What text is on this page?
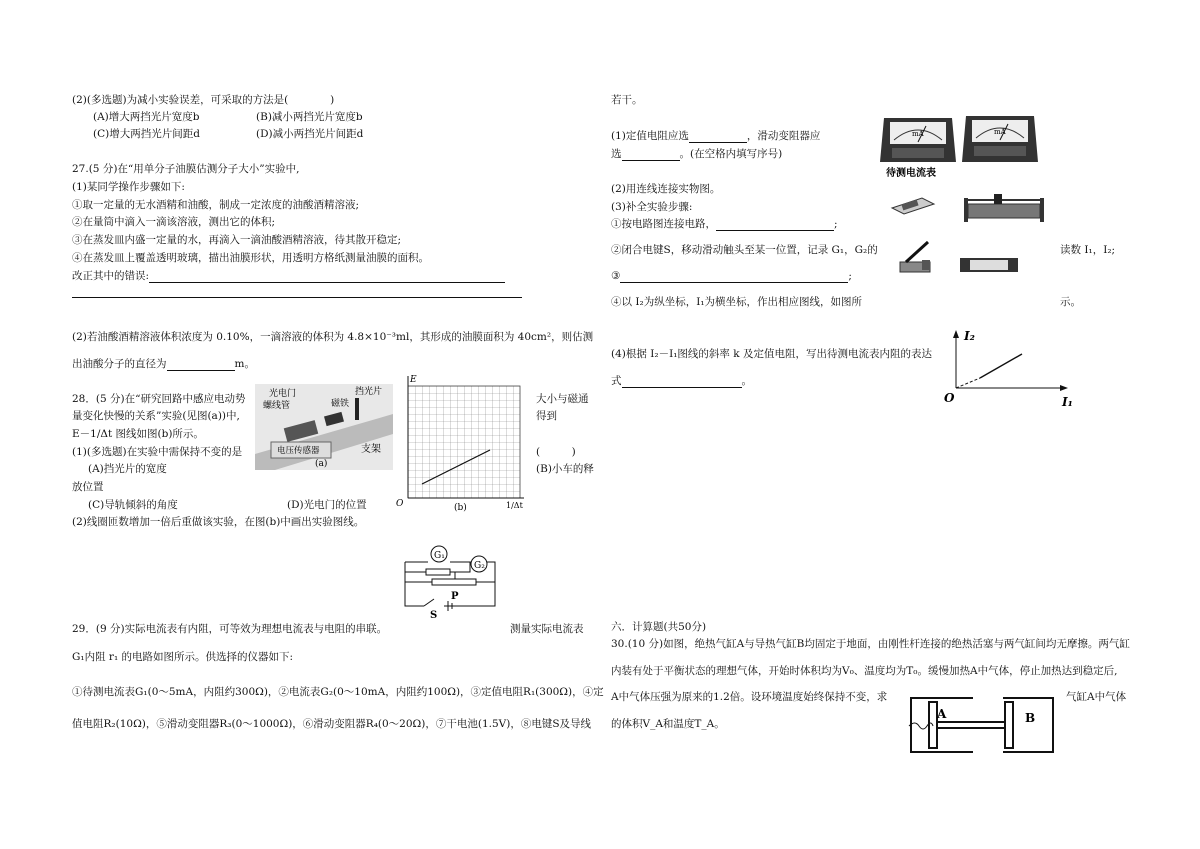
(2)(多选题)为减小实验误差，可采取的方法是(　　　　)
(A)增大两挡光片宽度b	(B)减小两挡光片宽度b
(C)增大两挡光片间距d	(D)减小两挡光片间距d
27.(5 分)在“用单分子油膜估测分子大小”实验中,
(1)某同学操作步骤如下:
①取一定量的无水酒精和油酸，制成一定浓度的油酸酒精溶液;
②在量筒中滴入一滴该溶液，测出它的体积;
③在蒸发皿内盛一定量的水，再滴入一滴油酸酒精溶液，待其散开稳定;
④在蒸发皿上覆盖透明玻璃，描出油膜形状，用透明方格纸测量油膜的面积。
改正其中的错误:
(2)若油酸酒精溶液体积浓度为 0.10%，一滴溶液的体积为 4.8×10⁻³ml，其形成的油膜面积为 40cm²，则估测
出油酸分子的直径为	m。
28．(5 分)在“研究回路中感应电动势
量变化快慢的关系”实验(见图(a))中,
E－1/Δt 图线如图(b)所示。
(1)(多选题)在实验中需保持不变的是
(A)挡光片的宽度
放位置
(C)导轨倾斜的角度	(D)光电门的位置
(2)线圈匝数增加一倍后重做该实验，在图(b)中画出实验图线。
大小与磁通
得到
(　　　)
(B)小车的释
光电门
螺线管	磁铁
挡光片
电压传感器	支架
(a)
E
O	1/Δt
(b)
G₁
G₂
P
S
29．(9 分)实际电流表有内阻，可等效为理想电流表与电阻的串联。	测量实际电流表
G₁内阻 r₁ 的电路如图所示。供选择的仪器如下:
①待测电流表G₁(0～5mA，内阻约300Ω)，②电流表G₂(0～10mA，内阻约100Ω)，③定值电阻R₁(300Ω)，④定
值电阻R₂(10Ω)，⑤滑动变阻器R₃(0～1000Ω)，⑥滑动变阻器R₄(0～20Ω)，⑦干电池(1.5V)，⑧电键S及导线
若干。
(1)定值电阻应选	，滑动变阻器应
选	。(在空格内填写序号)
(2)用连线连接实物图。
(3)补全实验步骤:
①按电路图连接电路，	;
②闭合电键S，移动滑动触头至某一位置，记录 G₁，G₂的	读数 I₁，I₂;
③	;
④以 I₂为纵坐标，I₁为横坐标，作出相应图线，如图所	示。
(4)根据 I₂－I₁图线的斜率 k 及定值电阻，写出待测电流表内阻的表达
式	。
mA	mA
待测电流表
I₂
O	I₁
六．计算题(共50分)
30.(10 分)如图，绝热气缸A与导热气缸B均固定于地面，由刚性杆连接的绝热活塞与两气缸间均无摩擦。两气缸
内装有处于平衡状态的理想气体，开始时体积均为V₀、温度均为T₀。缓慢加热A中气体，停止加热达到稳定后,
A中气体压强为原来的1.2倍。设环境温度始终保持不变，求	气缸A中气体
的体积V_A和温度T_A。
A	B
